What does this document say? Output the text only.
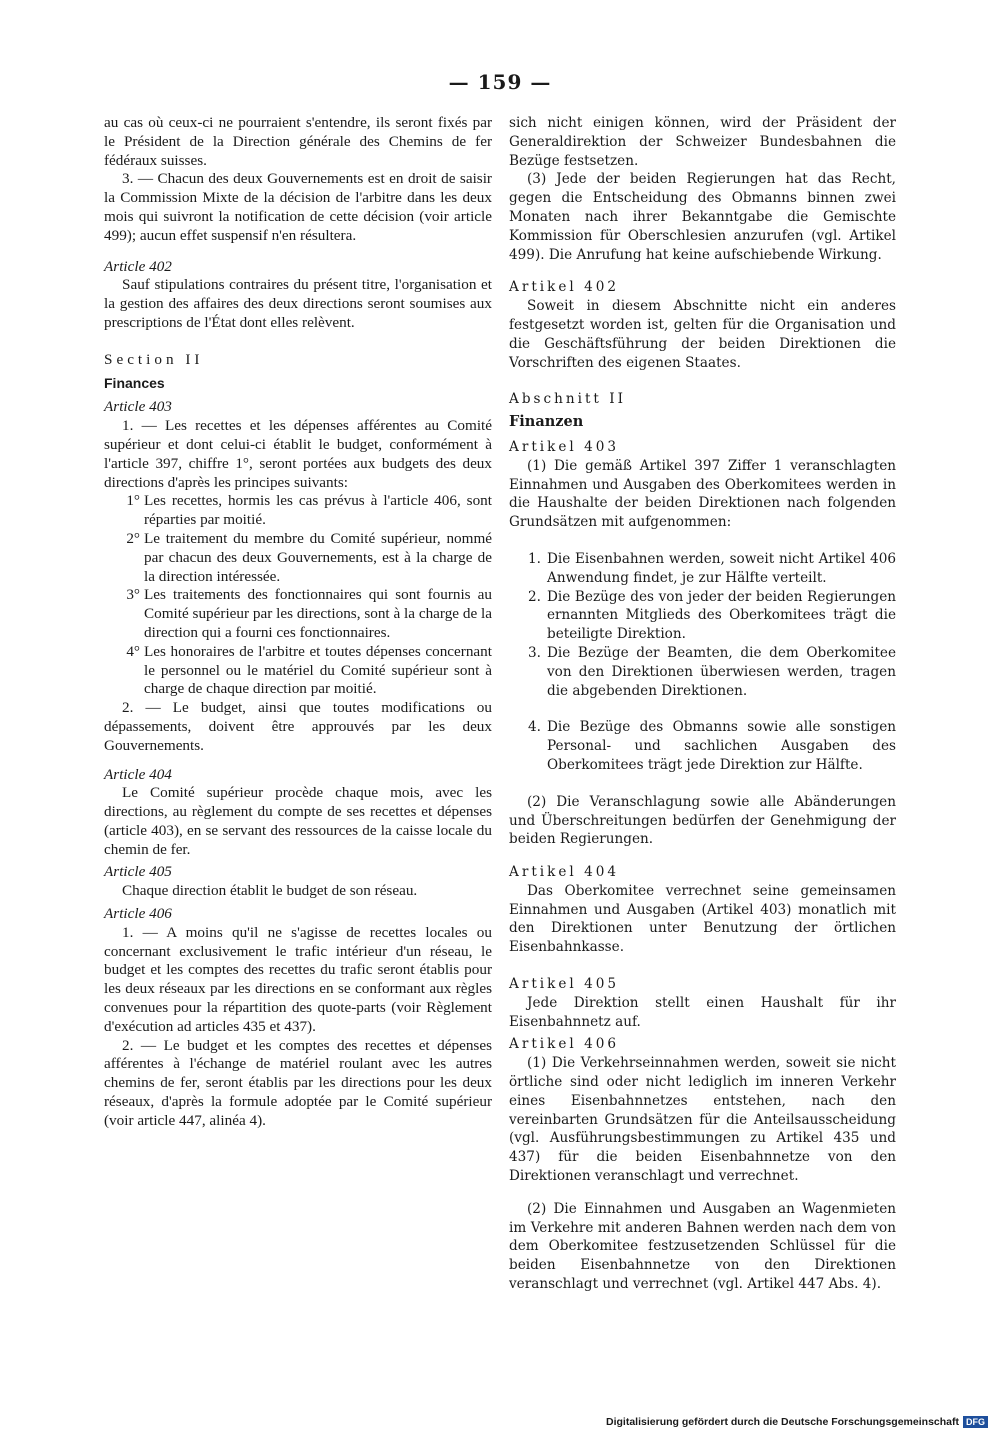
— 159 —

au cas où ceux-ci ne pourraient s'entendre, ils seront fixés par le Président de la Direction générale des Chemins de fer fédéraux suisses.

3. — Chacun des deux Gouvernements est en droit de saisir la Commission Mixte de la décision de l'arbitre dans les deux mois qui suivront la notification de cette décision (voir article 499); aucun effet suspensif n'en résultera.

Article 402

Sauf stipulations contraires du présent titre, l'organisation et la gestion des affaires des deux directions seront soumises aux prescriptions de l'État dont elles relèvent.

Section II

Finances

Article 403

1. — Les recettes et les dépenses afférentes au Comité supérieur et dont celui-ci établit le budget, conformément à l'article 397, chiffre 1°, seront portées aux budgets des deux directions d'après les principes suivants:

1° Les recettes, hormis les cas prévus à l'article 406, sont réparties par moitié.
2° Le traitement du membre du Comité supérieur, nommé par chacun des deux Gouvernements, est à la charge de la direction intéressée.
3° Les traitements des fonctionnaires qui sont fournis au Comité supérieur par les directions, sont à la charge de la direction qui a fourni ces fonctionnaires.
4° Les honoraires de l'arbitre et toutes dépenses concernant le personnel ou le matériel du Comité supérieur sont à charge de chaque direction par moitié.

2. — Le budget, ainsi que toutes modifications ou dépassements, doivent être approuvés par les deux Gouvernements.

Article 404

Le Comité supérieur procède chaque mois, avec les directions, au règlement du compte de ses recettes et dépenses (article 403), en se servant des ressources de la caisse locale du chemin de fer.

Article 405

Chaque direction établit le budget de son réseau.

Article 406

1. — A moins qu'il ne s'agisse de recettes locales ou concernant exclusivement le trafic intérieur d'un réseau, le budget et les comptes des recettes du trafic seront établis pour les deux réseaux par les directions en se conformant aux règles convenues pour la répartition des quote-parts (voir Règlement d'exécution ad articles 435 et 437).

2. — Le budget et les comptes des recettes et dépenses afférentes à l'échange de matériel roulant avec les autres chemins de fer, seront établis par les directions pour les deux réseaux, d'après la formule adoptée par le Comité supérieur (voir article 447, alinéa 4).

sich nicht einigen können, wird der Präsident der Generaldirektion der Schweizer Bundesbahnen die Bezüge festsetzen.

(3) Jede der beiden Regierungen hat das Recht, gegen die Entscheidung des Obmanns binnen zwei Monaten nach ihrer Bekanntgabe die Gemischte Kommission für Oberschlesien anzurufen (vgl. Artikel 499). Die Anrufung hat keine aufschiebende Wirkung.

Artikel 402

Soweit in diesem Abschnitte nicht ein anderes festgesetzt worden ist, gelten für die Organisation und die Geschäftsführung der beiden Direktionen die Vorschriften des eigenen Staates.

Abschnitt II

Finanzen

Artikel 403

(1) Die gemäß Artikel 397 Ziffer 1 veranschlagten Einnahmen und Ausgaben des Oberkomitees werden in die Haushalte der beiden Direktionen nach folgenden Grundsätzen mit aufgenommen:

1. Die Eisenbahnen werden, soweit nicht Artikel 406 Anwendung findet, je zur Hälfte verteilt.
2. Die Bezüge des von jeder der beiden Regierungen ernannten Mitglieds des Oberkomitees trägt die beteiligte Direktion.
3. Die Bezüge der Beamten, die dem Oberkomitee von den Direktionen überwiesen werden, tragen die abgebenden Direktionen.
4. Die Bezüge des Obmanns sowie alle sonstigen Personal- und sachlichen Ausgaben des Oberkomitees trägt jede Direktion zur Hälfte.

(2) Die Veranschlagung sowie alle Abänderungen und Überschreitungen bedürfen der Genehmigung der beiden Regierungen.

Artikel 404

Das Oberkomitee verrechnet seine gemeinsamen Einnahmen und Ausgaben (Artikel 403) monatlich mit den Direktionen unter Benutzung der örtlichen Eisenbahnkasse.

Artikel 405

Jede Direktion stellt einen Haushalt für ihr Eisenbahnnetz auf.

Artikel 406

(1) Die Verkehrseinnahmen werden, soweit sie nicht örtliche sind oder nicht lediglich im inneren Verkehr eines Eisenbahnnetzes entstehen, nach den vereinbarten Grundsätzen für die Anteilsausscheidung (vgl. Ausführungsbestimmungen zu Artikel 435 und 437) für die beiden Eisenbahnnetze von den Direktionen veranschlagt und verrechnet.

(2) Die Einnahmen und Ausgaben an Wagenmieten im Verkehre mit anderen Bahnen werden nach dem von dem Oberkomitee festzusetzenden Schlüssel für die beiden Eisenbahnnetze von den Direktionen veranschlagt und verrechnet (vgl. Artikel 447 Abs. 4).

Digitalisierung gefördert durch die Deutsche Forschungsgemeinschaft DFG
